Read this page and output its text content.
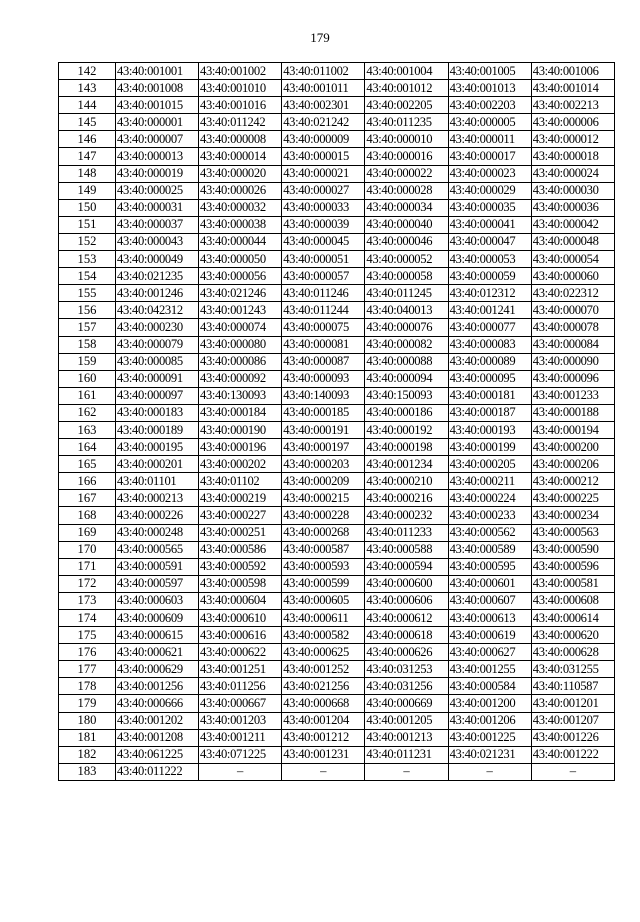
179
142	43:40:001001	43:40:001002	43:40:011002	43:40:001004	43:40:001005	43:40:001006
143	43:40:001008	43:40:001010	43:40:001011	43:40:001012	43:40:001013	43:40:001014
144	43:40:001015	43:40:001016	43:40:002301	43:40:002205	43:40:002203	43:40:002213
145	43:40:000001	43:40:011242	43:40:021242	43:40:011235	43:40:000005	43:40:000006
146	43:40:000007	43:40:000008	43:40:000009	43:40:000010	43:40:000011	43:40:000012
147	43:40:000013	43:40:000014	43:40:000015	43:40:000016	43:40:000017	43:40:000018
148	43:40:000019	43:40:000020	43:40:000021	43:40:000022	43:40:000023	43:40:000024
149	43:40:000025	43:40:000026	43:40:000027	43:40:000028	43:40:000029	43:40:000030
150	43:40:000031	43:40:000032	43:40:000033	43:40:000034	43:40:000035	43:40:000036
151	43:40:000037	43:40:000038	43:40:000039	43:40:000040	43:40:000041	43:40:000042
152	43:40:000043	43:40:000044	43:40:000045	43:40:000046	43:40:000047	43:40:000048
153	43:40:000049	43:40:000050	43:40:000051	43:40:000052	43:40:000053	43:40:000054
154	43:40:021235	43:40:000056	43:40:000057	43:40:000058	43:40:000059	43:40:000060
155	43:40:001246	43:40:021246	43:40:011246	43:40:011245	43:40:012312	43:40:022312
156	43:40:042312	43:40:001243	43:40:011244	43:40:040013	43:40:001241	43:40:000070
157	43:40:000230	43:40:000074	43:40:000075	43:40:000076	43:40:000077	43:40:000078
158	43:40:000079	43:40:000080	43:40:000081	43:40:000082	43:40:000083	43:40:000084
159	43:40:000085	43:40:000086	43:40:000087	43:40:000088	43:40:000089	43:40:000090
160	43:40:000091	43:40:000092	43:40:000093	43:40:000094	43:40:000095	43:40:000096
161	43:40:000097	43:40:130093	43:40:140093	43:40:150093	43:40:000181	43:40:001233
162	43:40:000183	43:40:000184	43:40:000185	43:40:000186	43:40:000187	43:40:000188
163	43:40:000189	43:40:000190	43:40:000191	43:40:000192	43:40:000193	43:40:000194
164	43:40:000195	43:40:000196	43:40:000197	43:40:000198	43:40:000199	43:40:000200
165	43:40:000201	43:40:000202	43:40:000203	43:40:001234	43:40:000205	43:40:000206
166	43:40:01101	43:40:01102	43:40:000209	43:40:000210	43:40:000211	43:40:000212
167	43:40:000213	43:40:000219	43:40:000215	43:40:000216	43:40:000224	43:40:000225
168	43:40:000226	43:40:000227	43:40:000228	43:40:000232	43:40:000233	43:40:000234
169	43:40:000248	43:40:000251	43:40:000268	43:40:011233	43:40:000562	43:40:000563
170	43:40:000565	43:40:000586	43:40:000587	43:40:000588	43:40:000589	43:40:000590
171	43:40:000591	43:40:000592	43:40:000593	43:40:000594	43:40:000595	43:40:000596
172	43:40:000597	43:40:000598	43:40:000599	43:40:000600	43:40:000601	43:40:000581
173	43:40:000603	43:40:000604	43:40:000605	43:40:000606	43:40:000607	43:40:000608
174	43:40:000609	43:40:000610	43:40:000611	43:40:000612	43:40:000613	43:40:000614
175	43:40:000615	43:40:000616	43:40:000582	43:40:000618	43:40:000619	43:40:000620
176	43:40:000621	43:40:000622	43:40:000625	43:40:000626	43:40:000627	43:40:000628
177	43:40:000629	43:40:001251	43:40:001252	43:40:031253	43:40:001255	43:40:031255
178	43:40:001256	43:40:011256	43:40:021256	43:40:031256	43:40:000584	43:40:110587
179	43:40:000666	43:40:000667	43:40:000668	43:40:000669	43:40:001200	43:40:001201
180	43:40:001202	43:40:001203	43:40:001204	43:40:001205	43:40:001206	43:40:001207
181	43:40:001208	43:40:001211	43:40:001212	43:40:001213	43:40:001225	43:40:001226
182	43:40:061225	43:40:071225	43:40:001231	43:40:011231	43:40:021231	43:40:001222
183	43:40:011222	–	–	–	–	–
